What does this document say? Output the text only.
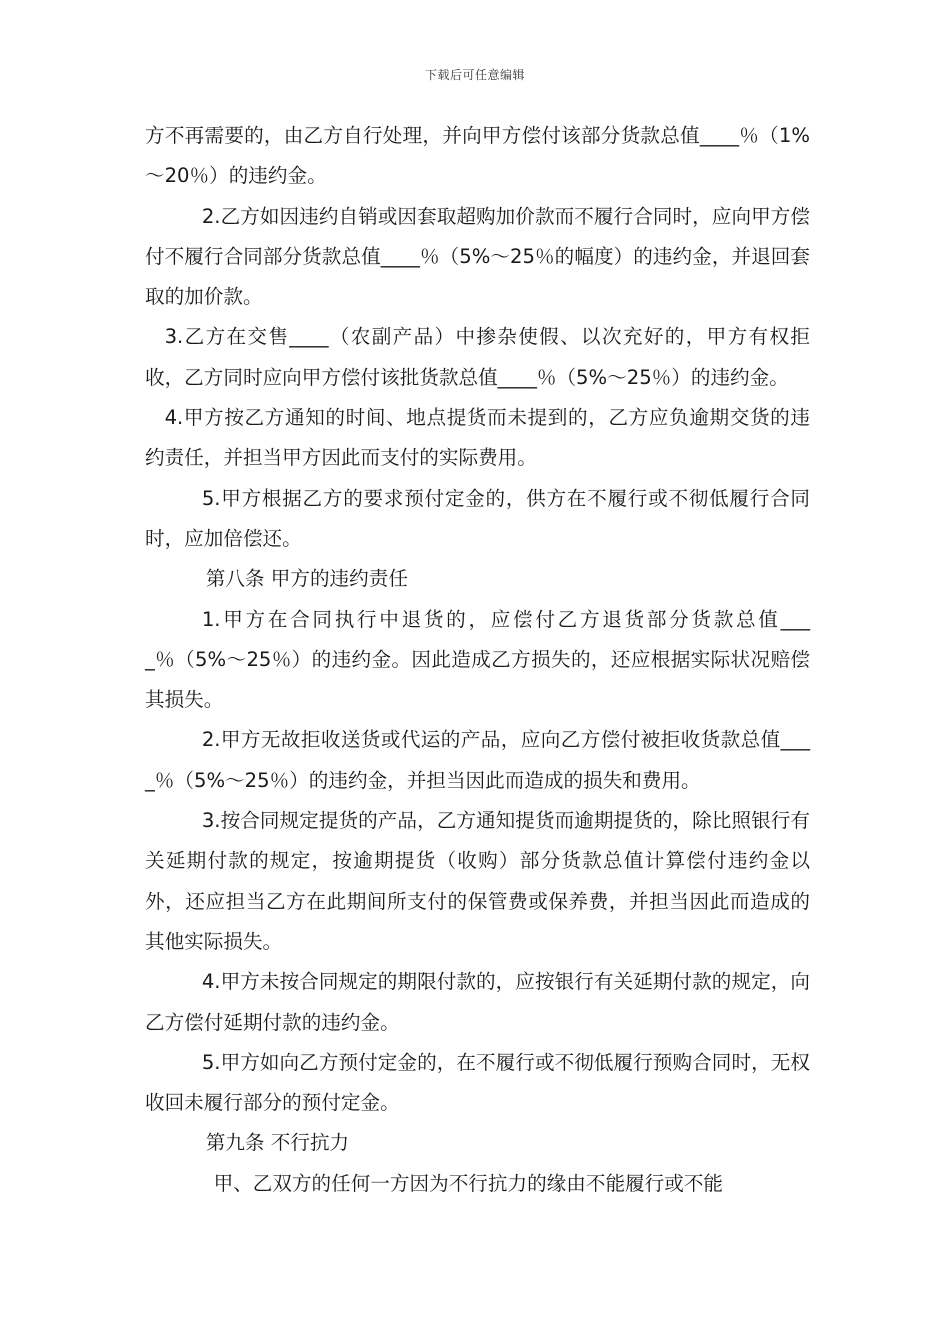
下载后可任意编辑

方不再需要的，由乙方自行处理，并向甲方偿付该部分货款总值____％（1%～20％）的违约金。

2.乙方如因违约自销或因套取超购加价款而不履行合同时，应向甲方偿付不履行合同部分货款总值____％（5%～25％的幅度）的违约金，并退回套取的加价款。

3.乙方在交售____（农副产品）中掺杂使假、以次充好的，甲方有权拒收，乙方同时应向甲方偿付该批货款总值____％（5%～25％）的违约金。

4.甲方按乙方通知的时间、地点提货而未提到的，乙方应负逾期交货的违约责任，并担当甲方因此而支付的实际费用。

5.甲方根据乙方的要求预付定金的，供方在不履行或不彻低履行合同时，应加倍偿还。

第八条 甲方的违约责任

1.甲方在合同执行中退货的，应偿付乙方退货部分货款总值____％（5%～25％）的违约金。因此造成乙方损失的，还应根据实际状况赔偿其损失。

2.甲方无故拒收送货或代运的产品，应向乙方偿付被拒收货款总值____％（5%～25％）的违约金，并担当因此而造成的损失和费用。

3.按合同规定提货的产品，乙方通知提货而逾期提货的，除比照银行有关延期付款的规定，按逾期提货（收购）部分货款总值计算偿付违约金以外，还应担当乙方在此期间所支付的保管费或保养费，并担当因此而造成的其他实际损失。

4.甲方未按合同规定的期限付款的，应按银行有关延期付款的规定，向乙方偿付延期付款的违约金。

5.甲方如向乙方预付定金的，在不履行或不彻低履行预购合同时，无权收回未履行部分的预付定金。

第九条 不行抗力

甲、乙双方的任何一方因为不行抗力的缘由不能履行或不能
